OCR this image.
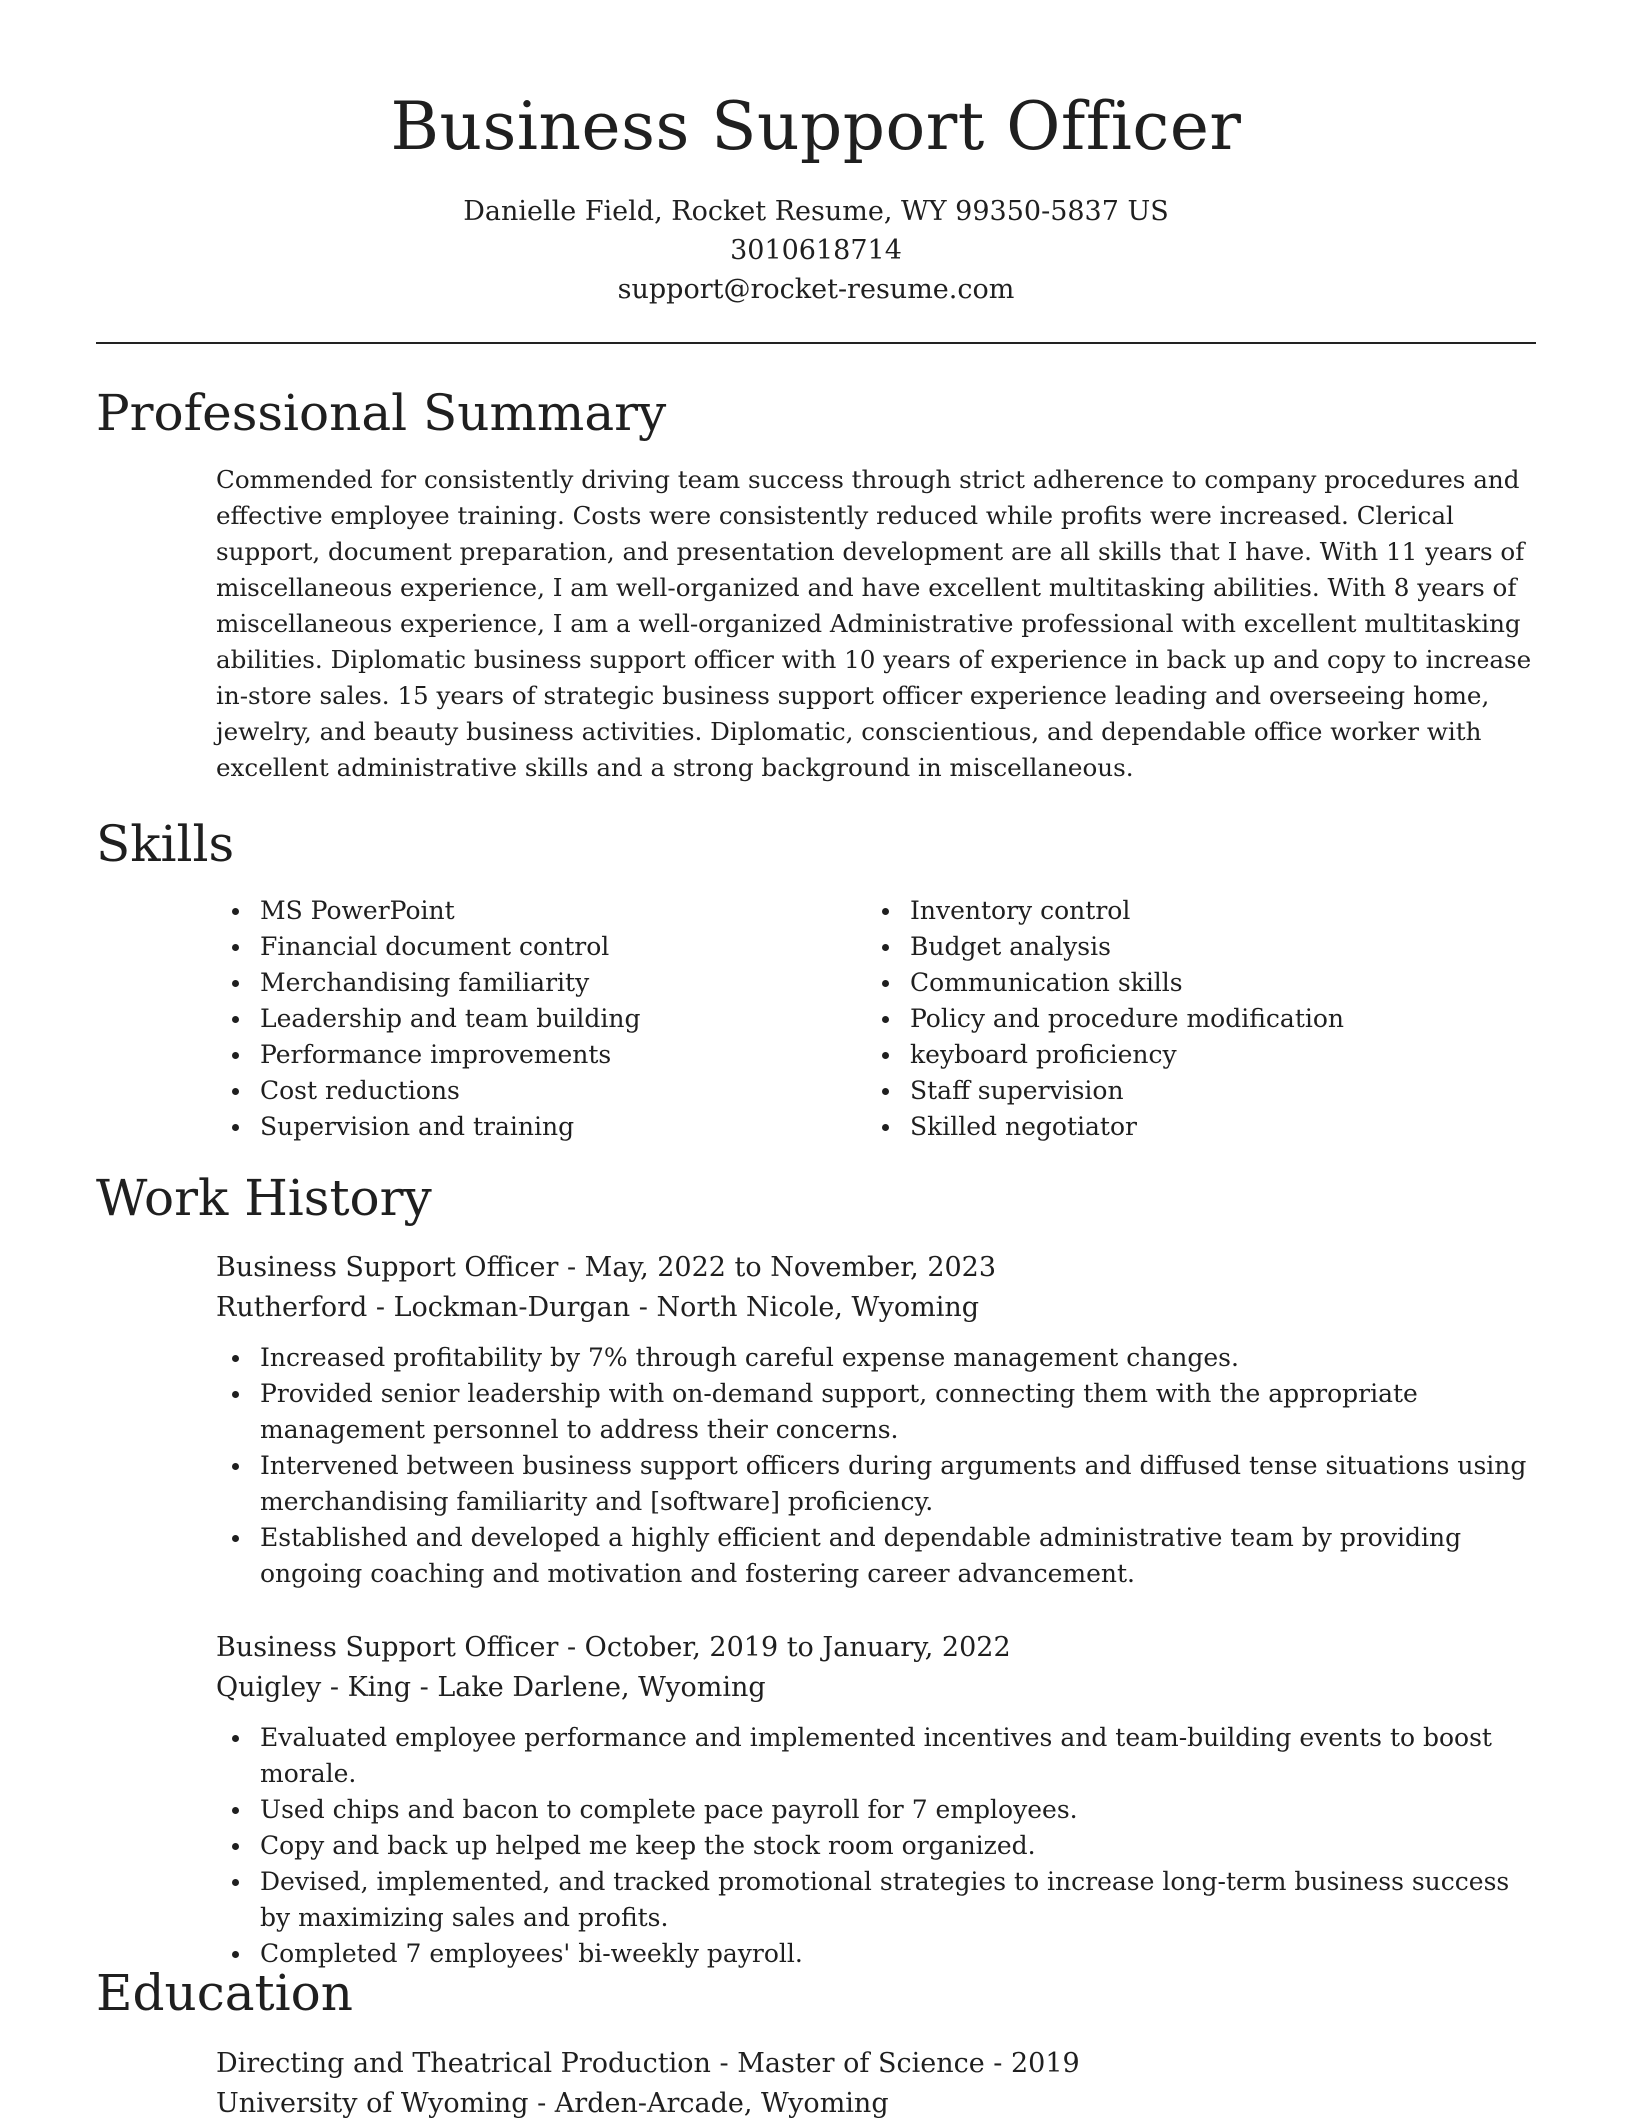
Business Support Officer
Danielle Field, Rocket Resume, WY 99350-5837 US
3010618714
support@rocket-resume.com
Professional Summary

Commended for consistently driving team success through strict adherence to company procedures and effective employee training. Costs were consistently reduced while profits were increased. Clerical support, document preparation, and presentation development are all skills that I have. With 11 years of miscellaneous experience, I am well-organized and have excellent multitasking abilities. With 8 years of miscellaneous experience, I am a well-organized Administrative professional with excellent multitasking abilities. Diplomatic business support officer with 10 years of experience in back up and copy to increase in-store sales. 15 years of strategic business support officer experience leading and overseeing home, jewelry, and beauty business activities. Diplomatic, conscientious, and dependable office worker with excellent administrative skills and a strong background in miscellaneous.

Skills
MS PowerPoint
Financial document control
Merchandising familiarity
Leadership and team building
Performance improvements
Cost reductions
Supervision and training
Inventory control
Budget analysis
Communication skills
Policy and procedure modification
keyboard proficiency
Staff supervision
Skilled negotiator
Work History
Business Support Officer - May, 2022 to November, 2023
Rutherford - Lockman-Durgan - North Nicole, Wyoming
Increased profitability by 7% through careful expense management changes.
Provided senior leadership with on-demand support, connecting them with the appropriate management personnel to address their concerns.
Intervened between business support officers during arguments and diffused tense situations using merchandising familiarity and [software] proficiency.
Established and developed a highly efficient and dependable administrative team by providing ongoing coaching and motivation and fostering career advancement.
Business Support Officer - October, 2019 to January, 2022
Quigley - King - Lake Darlene, Wyoming
Evaluated employee performance and implemented incentives and team-building events to boost morale.
Used chips and bacon to complete pace payroll for 7 employees.
Copy and back up helped me keep the stock room organized.
Devised, implemented, and tracked promotional strategies to increase long-term business success by maximizing sales and profits.
Completed 7 employees' bi-weekly payroll.
Education
Directing and Theatrical Production - Master of Science - 2019
University of Wyoming - Arden-Arcade, Wyoming
